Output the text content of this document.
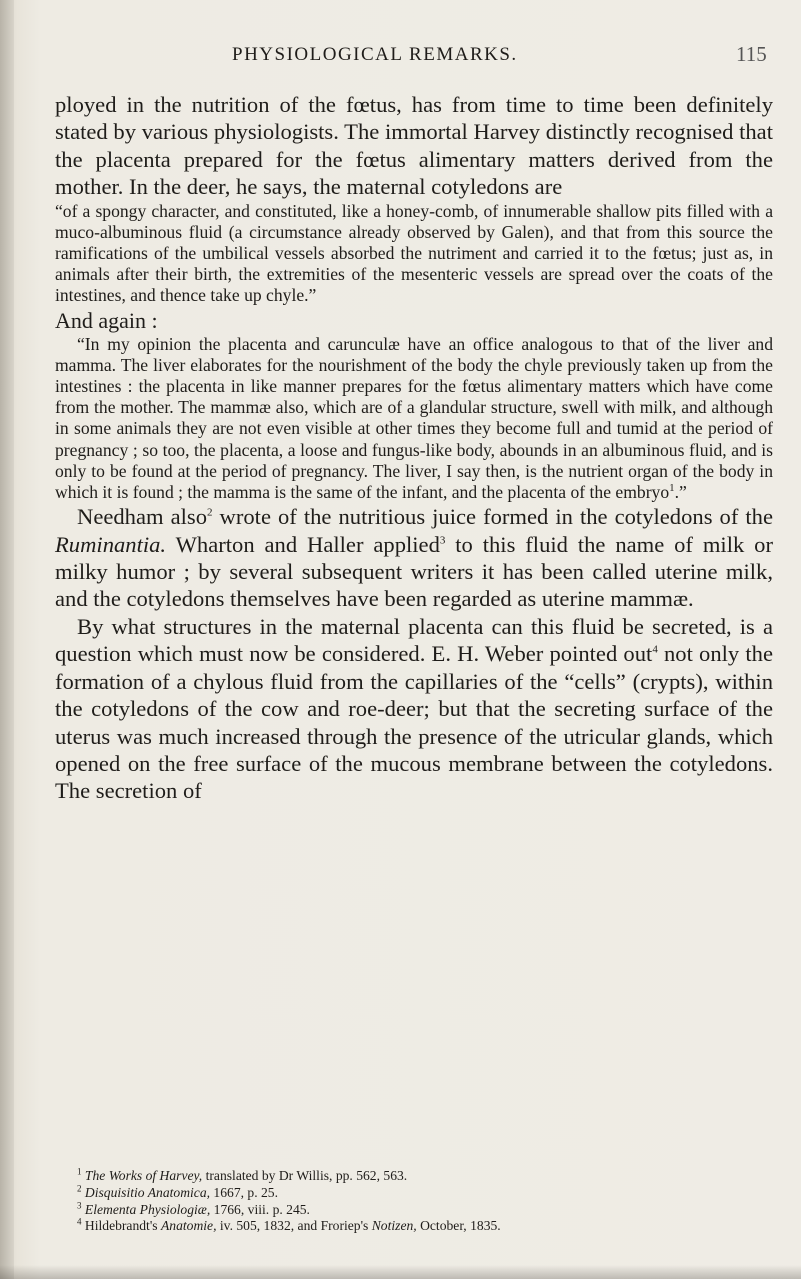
PHYSIOLOGICAL REMARKS.	115

ployed in the nutrition of the fœtus, has from time to time been definitely stated by various physiologists. The immortal Harvey distinctly recognised that the placenta prepared for the fœtus alimentary matters derived from the mother. In the deer, he says, the maternal cotyledons are

“of a spongy character, and constituted, like a honey-comb, of innumerable shallow pits filled with a muco-albuminous fluid (a circumstance already observed by Galen), and that from this source the ramifications of the umbilical vessels absorbed the nutriment and carried it to the fœtus; just as, in animals after their birth, the extremities of the mesenteric vessels are spread over the coats of the intestines, and thence take up chyle.”

And again :

“In my opinion the placenta and carunculæ have an office analogous to that of the liver and mamma. The liver elaborates for the nourishment of the body the chyle previously taken up from the intestines : the placenta in like manner prepares for the fœtus alimentary matters which have come from the mother. The mammæ also, which are of a glandular structure, swell with milk, and although in some animals they are not even visible at other times they become full and tumid at the period of pregnancy ; so too, the placenta, a loose and fungus-like body, abounds in an albuminous fluid, and is only to be found at the period of pregnancy. The liver, I say then, is the nutrient organ of the body in which it is found ; the mamma is the same of the infant, and the placenta of the embryo$^1$.”

Needham also$^2$ wrote of the nutritious juice formed in the cotyledons of the Ruminantia. Wharton and Haller applied$^3$ to this fluid the name of milk or milky humor ; by several subsequent writers it has been called uterine milk, and the cotyledons themselves have been regarded as uterine mammæ.

By what structures in the maternal placenta can this fluid be secreted, is a question which must now be considered. E. H. Weber pointed out$^4$ not only the formation of a chylous fluid from the capillaries of the “cells” (crypts), within the cotyledons of the cow and roe-deer; but that the secreting surface of the uterus was much increased through the presence of the utricular glands, which opened on the free surface of the mucous membrane between the cotyledons. The secretion of

$^1$ The Works of Harvey, translated by Dr Willis, pp. 562, 563.

$^2$ Disquisitio Anatomica, 1667, p. 25.

$^3$ Elementa Physiologiæ, 1766, viii. p. 245.

$^4$ Hildebrandt's Anatomie, iv. 505, 1832, and Froriep's Notizen, October, 1835.
